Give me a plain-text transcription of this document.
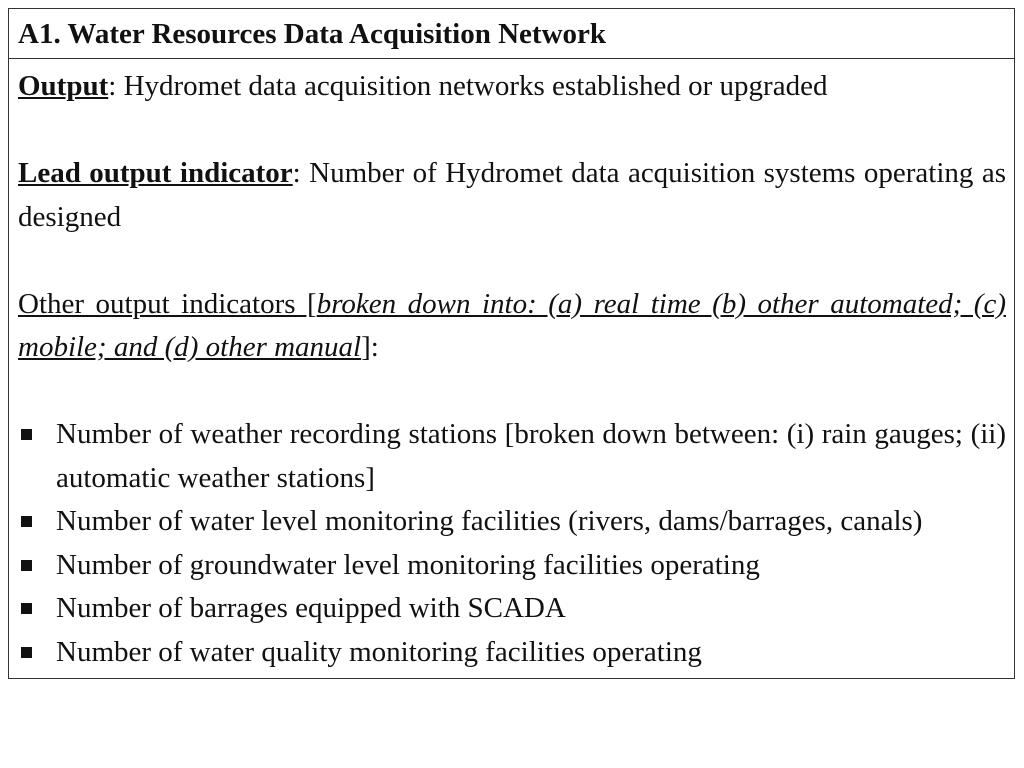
A1. Water Resources Data Acquisition Network

Output: Hydromet data acquisition networks established or upgraded

Lead output indicator: Number of Hydromet data acquisition systems operating as designed

Other output indicators [broken down into: (a) real time (b) other automated; (c) mobile; and (d) other manual]:

Number of weather recording stations [broken down between: (i) rain gauges; (ii) automatic weather stations]
Number of water level monitoring facilities (rivers, dams/barrages, canals)
Number of groundwater level monitoring facilities operating
Number of barrages equipped with SCADA
Number of water quality monitoring facilities operating
